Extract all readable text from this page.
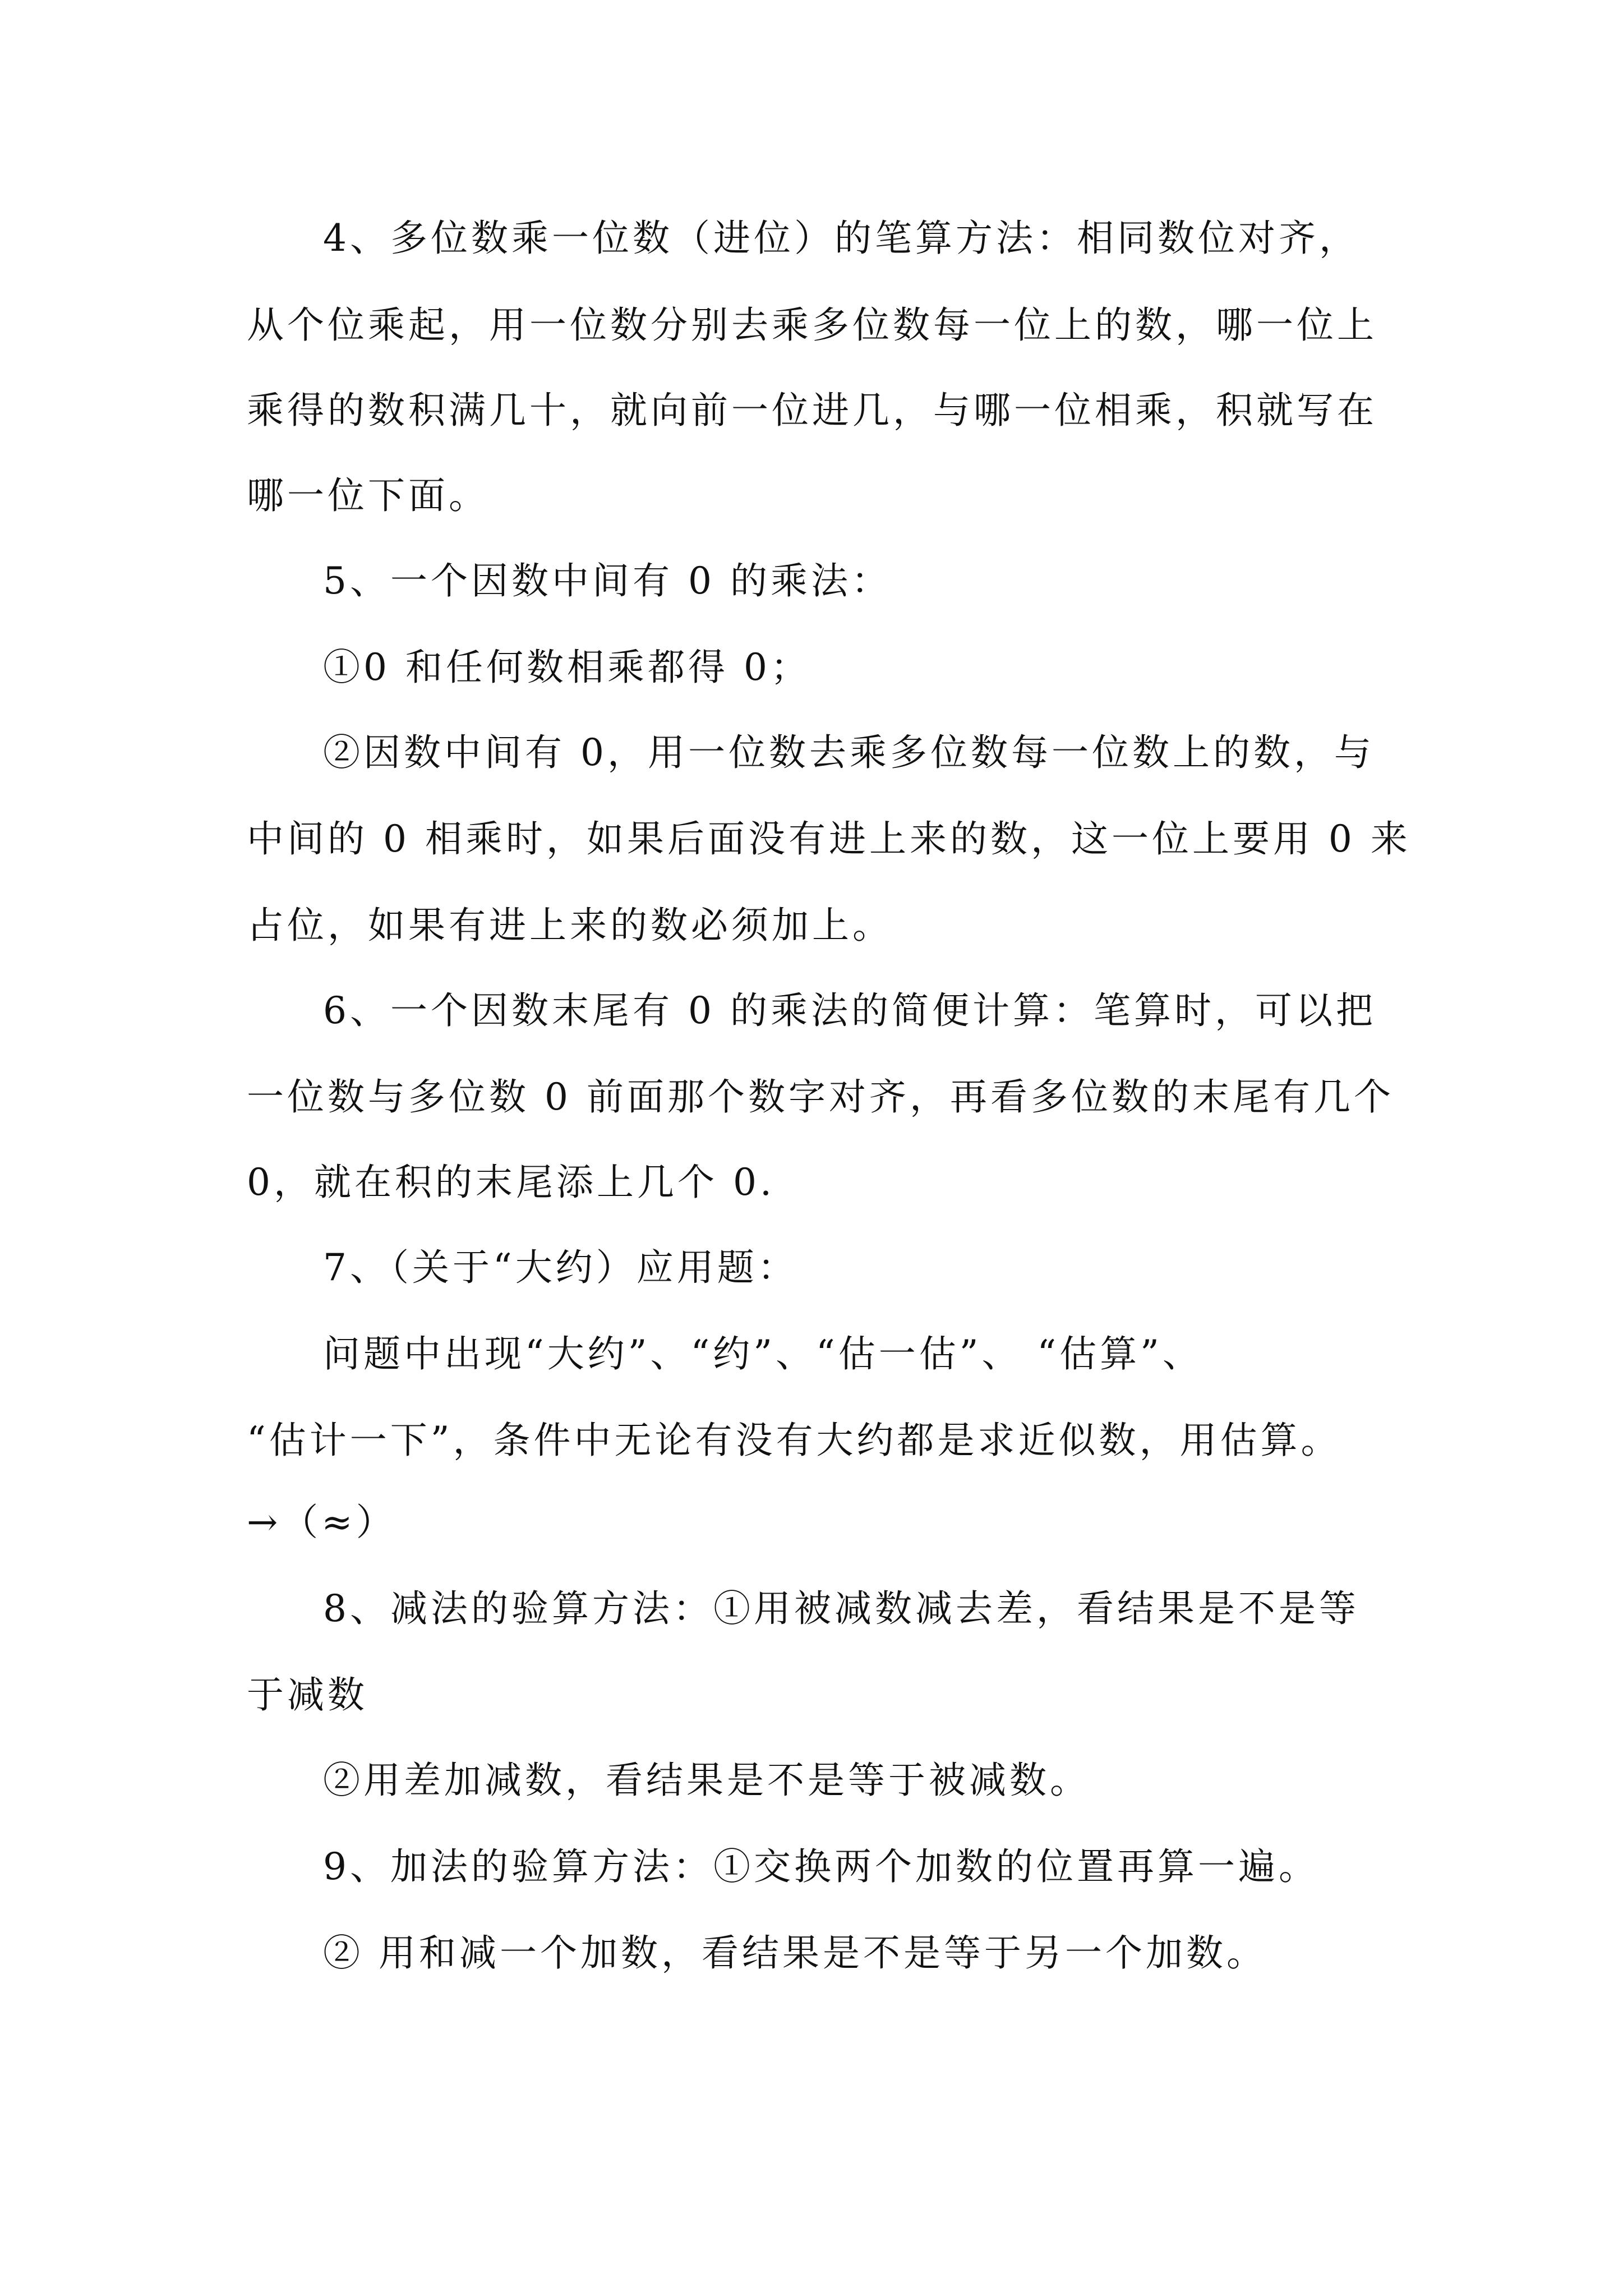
4、多位数乘一位数（进位）的笔算方法：相同数位对齐，
从个位乘起，用一位数分别去乘多位数每一位上的数，哪一位上
乘得的数积满几十，就向前一位进几，与哪一位相乘，积就写在
哪一位下面。
5、一个因数中间有 0 的乘法：
①0 和任何数相乘都得 0；
②因数中间有 0，用一位数去乘多位数每一位数上的数，与
中间的 0 相乘时，如果后面没有进上来的数，这一位上要用 0 来
占位，如果有进上来的数必须加上。
6、一个因数末尾有 0 的乘法的简便计算：笔算时，可以把
一位数与多位数 0 前面那个数字对齐，再看多位数的末尾有几个
0，就在积的末尾添上几个 0.
7、（关于“大约）应用题：
问题中出现“大约”、“约”、“估一估”、 “估算”、
“估计一下”，条件中无论有没有大约都是求近似数，用估算。
→（≈）
8、减法的验算方法：①用被减数减去差，看结果是不是等
于减数
②用差加减数，看结果是不是等于被减数。
9、加法的验算方法：①交换两个加数的位置再算一遍。
② 用和减一个加数，看结果是不是等于另一个加数。
